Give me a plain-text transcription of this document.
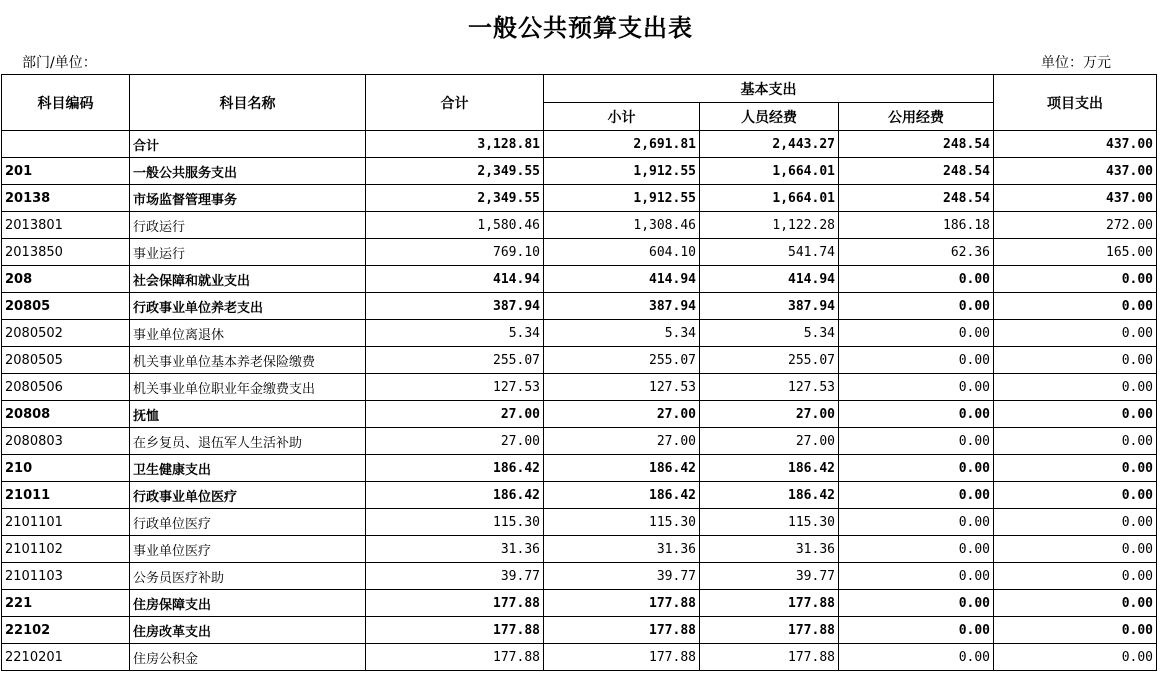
一般公共预算支出表
部门/单位：	单位：万元
科目编码	科目名称	合计	基本支出			项目支出
			小计	人员经费	公用经费	
	合计	3,128.81	2,691.81	2,443.27	248.54	437.00
201	一般公共服务支出	2,349.55	1,912.55	1,664.01	248.54	437.00
20138	市场监督管理事务	2,349.55	1,912.55	1,664.01	248.54	437.00
2013801	行政运行	1,580.46	1,308.46	1,122.28	186.18	272.00
2013850	事业运行	769.10	604.10	541.74	62.36	165.00
208	社会保障和就业支出	414.94	414.94	414.94	0.00	0.00
20805	行政事业单位养老支出	387.94	387.94	387.94	0.00	0.00
2080502	事业单位离退休	5.34	5.34	5.34	0.00	0.00
2080505	机关事业单位基本养老保险缴费	255.07	255.07	255.07	0.00	0.00
2080506	机关事业单位职业年金缴费支出	127.53	127.53	127.53	0.00	0.00
20808	抚恤	27.00	27.00	27.00	0.00	0.00
2080803	在乡复员、退伍军人生活补助	27.00	27.00	27.00	0.00	0.00
210	卫生健康支出	186.42	186.42	186.42	0.00	0.00
21011	行政事业单位医疗	186.42	186.42	186.42	0.00	0.00
2101101	行政单位医疗	115.30	115.30	115.30	0.00	0.00
2101102	事业单位医疗	31.36	31.36	31.36	0.00	0.00
2101103	公务员医疗补助	39.77	39.77	39.77	0.00	0.00
221	住房保障支出	177.88	177.88	177.88	0.00	0.00
22102	住房改革支出	177.88	177.88	177.88	0.00	0.00
2210201	住房公积金	177.88	177.88	177.88	0.00	0.00
